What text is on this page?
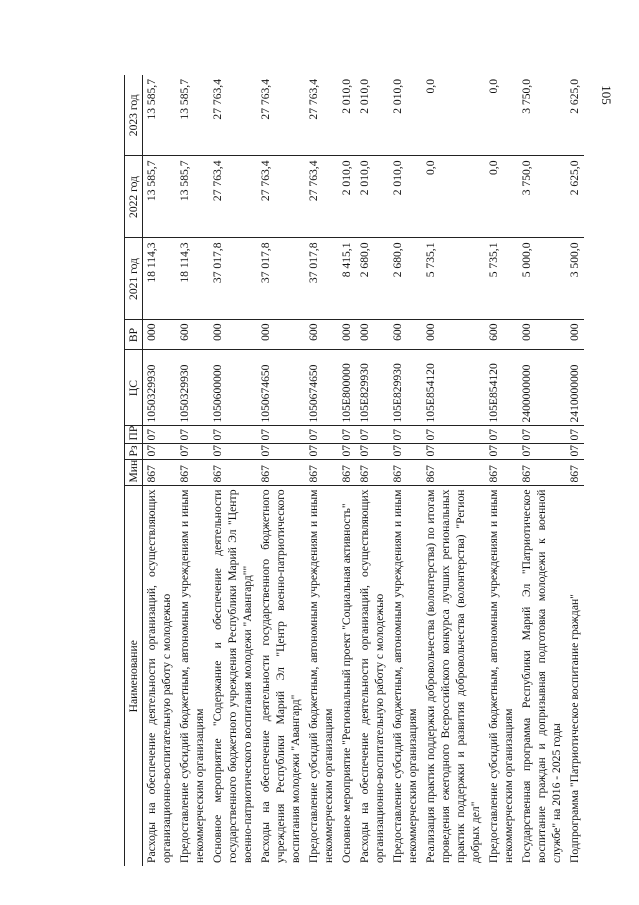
105
Наименование	Мин	Рз	ПР	ЦС	ВР	2021 год	2022 год	2023 год
Расходы на обеспечение деятельности организаций, осуществляющих организационно-воспитательную работу с молодежью	867	07	07	1050329930	000	18 114,3	13 585,7	13 585,7
Предоставление субсидий бюджетным, автономным учреждениям и иным некоммерческим организациям	867	07	07	1050329930	600	18 114,3	13 585,7	13 585,7
Основное мероприятие "Содержание и обеспечение деятельности государственного бюджетного учреждения Республики Марий Эл "Центр военно-патриотического воспитания молодежи "Авангард""	867	07	07	1050600000	000	37 017,8	27 763,4	27 763,4
Расходы на обеспечение деятельности государственного бюджетного учреждения Республики Марий Эл "Центр военно-патриотического воспитания молодежи "Авангард"	867	07	07	1050674650	000	37 017,8	27 763,4	27 763,4
Предоставление субсидий бюджетным, автономным учреждениям и иным некоммерческим организациям	867	07	07	1050674650	600	37 017,8	27 763,4	27 763,4
Основное мероприятие "Региональный проект "Социальная активность"	867	07	07	105E800000	000	8 415,1	2 010,0	2 010,0
Расходы на обеспечение деятельности организаций, осуществляющих организационно-воспитательную работу с молодежью	867	07	07	105E829930	000	2 680,0	2 010,0	2 010,0
Предоставление субсидий бюджетным, автономным учреждениям и иным некоммерческим организациям	867	07	07	105E829930	600	2 680,0	2 010,0	2 010,0
Реализация практик поддержки добровольчества (волонтерства) по итогам проведения ежегодного Всероссийского конкурса лучших региональных практик поддержки и развития добровольчества (волонтерства) "Регион добрых дел"	867	07	07	105E854120	000	5 735,1	0,0	0,0
Предоставление субсидий бюджетным, автономным учреждениям и иным некоммерческим организациям	867	07	07	105E854120	600	5 735,1	0,0	0,0
Государственная программа Республики Марий Эл "Патриотическое воспитание граждан и допризывная подготовка молодежи к военной службе" на 2016 - 2025 годы	867	07	07	2400000000	000	5 000,0	3 750,0	3 750,0
Подпрограмма "Патриотическое воспитание граждан"	867	07	07	2410000000	000	3 500,0	2 625,0	2 625,0
